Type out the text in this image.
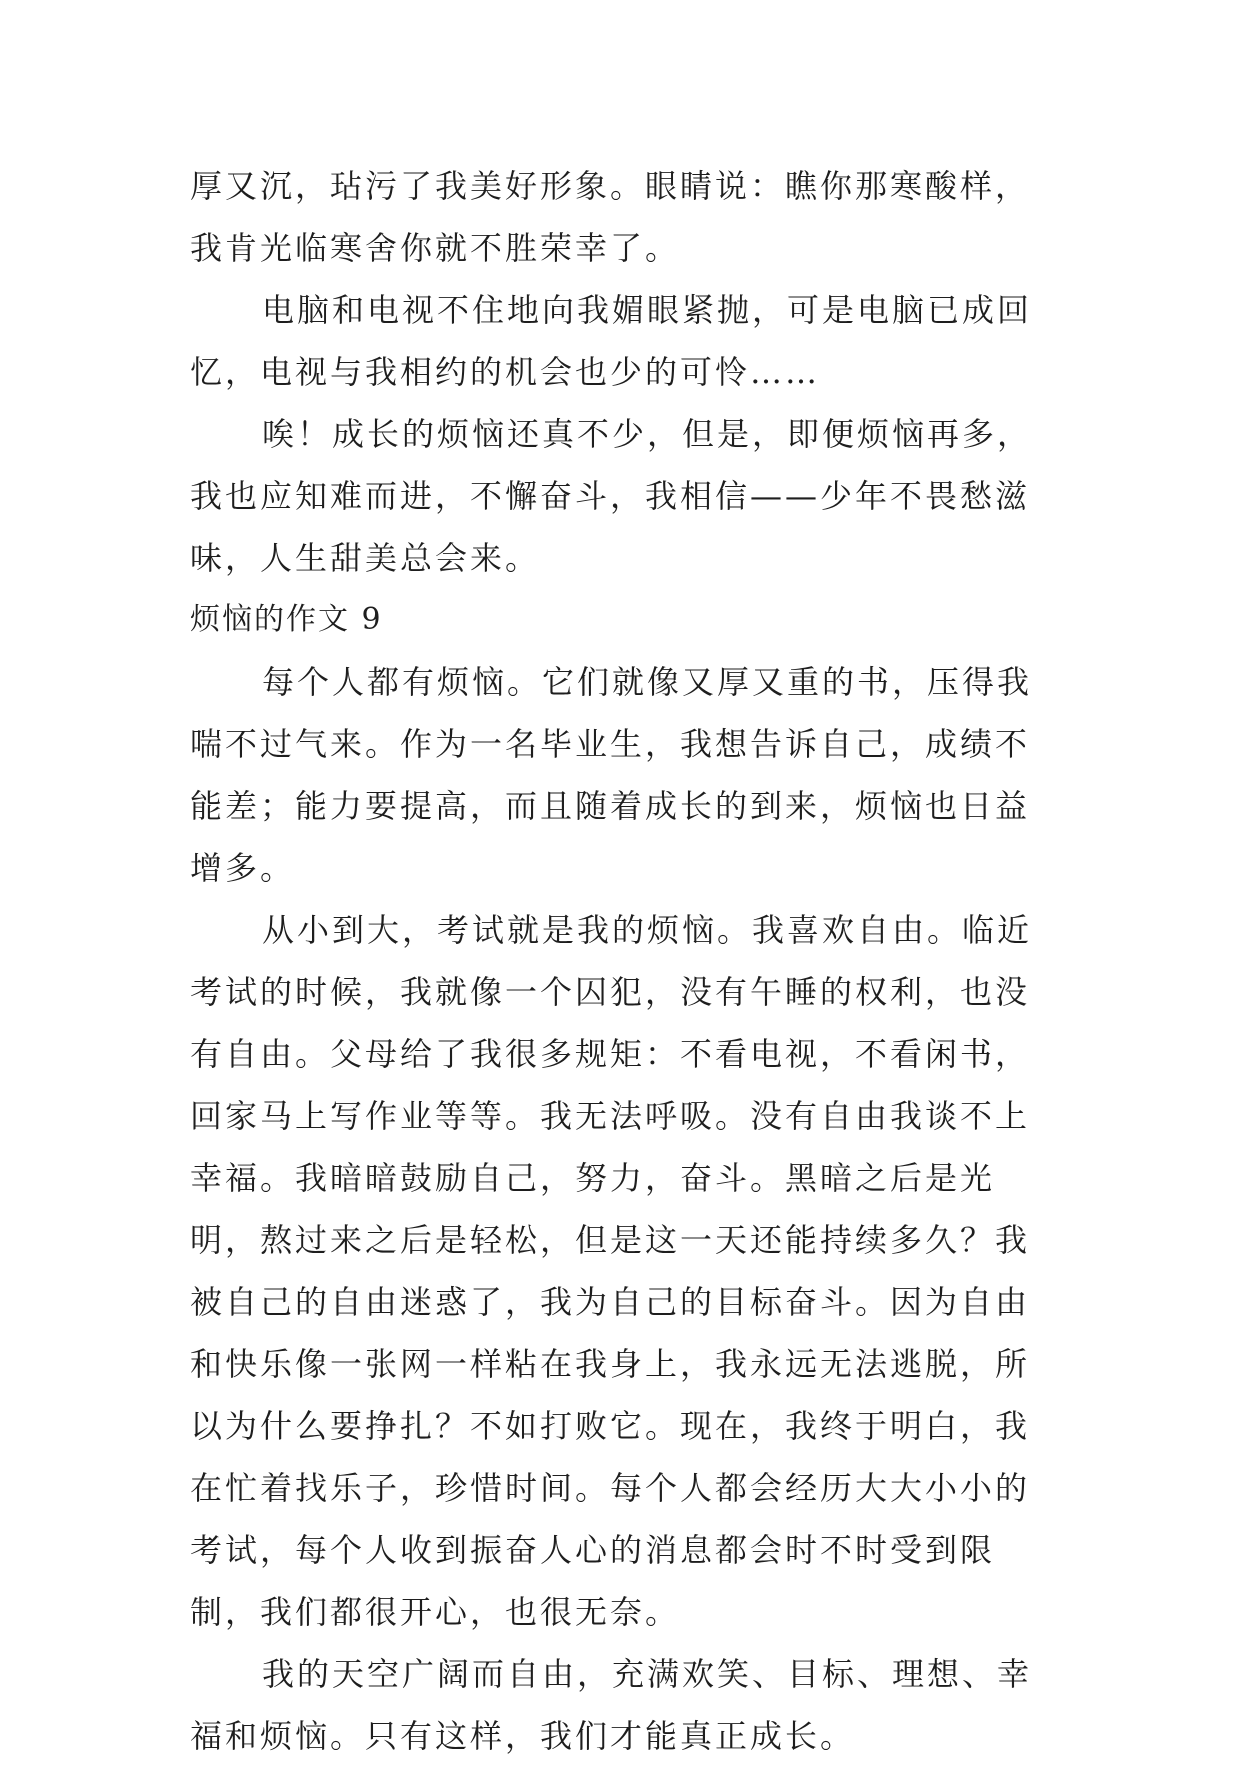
厚又沉，玷污了我美好形象。眼睛说：瞧你那寒酸样，我肯光临寒舍你就不胜荣幸了。

电脑和电视不住地向我媚眼紧抛，可是电脑已成回忆，电视与我相约的机会也少的可怜……

唉！成长的烦恼还真不少，但是，即便烦恼再多，我也应知难而进，不懈奋斗，我相信——少年不畏愁滋味，人生甜美总会来。

烦恼的作文 9

每个人都有烦恼。它们就像又厚又重的书，压得我喘不过气来。作为一名毕业生，我想告诉自己，成绩不能差；能力要提高，而且随着成长的到来，烦恼也日益增多。

从小到大，考试就是我的烦恼。我喜欢自由。临近考试的时候，我就像一个囚犯，没有午睡的权利，也没有自由。父母给了我很多规矩：不看电视，不看闲书，回家马上写作业等等。我无法呼吸。没有自由我谈不上幸福。我暗暗鼓励自己，努力，奋斗。黑暗之后是光明，熬过来之后是轻松，但是这一天还能持续多久？我被自己的自由迷惑了，我为自己的目标奋斗。因为自由和快乐像一张网一样粘在我身上，我永远无法逃脱，所以为什么要挣扎？不如打败它。现在，我终于明白，我在忙着找乐子，珍惜时间。每个人都会经历大大小小的考试，每个人收到振奋人心的消息都会时不时受到限制，我们都很开心，也很无奈。

我的天空广阔而自由，充满欢笑、目标、理想、幸福和烦恼。只有这样，我们才能真正成长。
